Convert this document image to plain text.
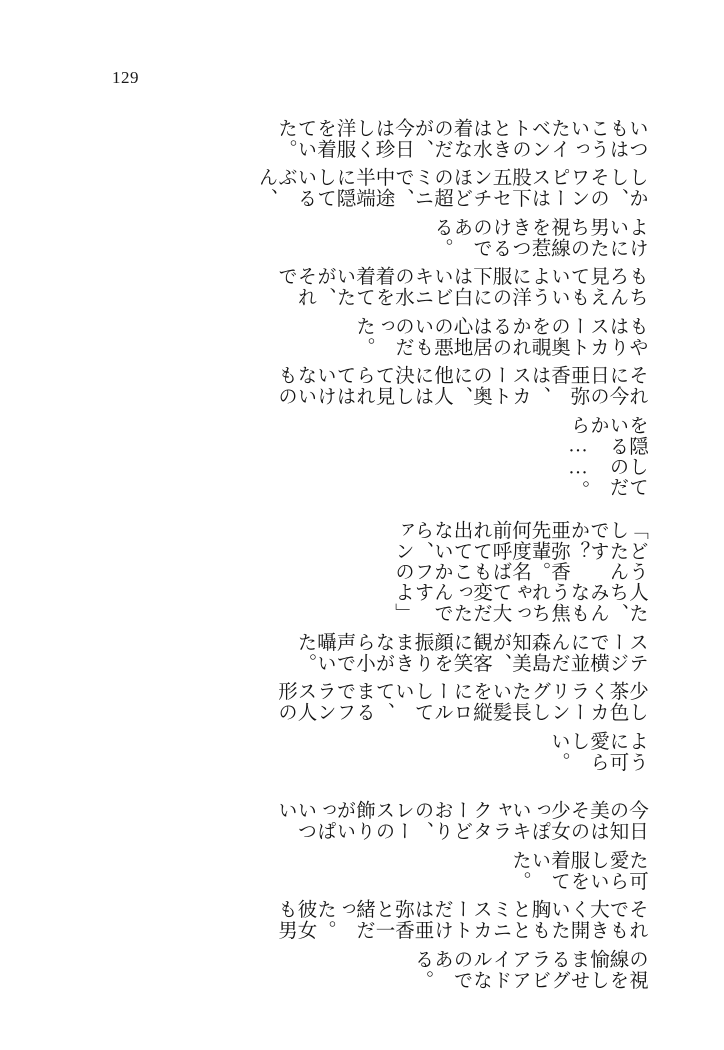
129
いつもはこういったイベントのときは水着なのだが、今日は珍しく洋服を着ていた。
しかし、そのワンピースは股下五センチほどの超ミニで、中途半端に隠しているぶん、
よけいに男たちの視線を惹きつけるのである。
もちろん見えてもいいように洋服の下には白いビキニの水着を着ていたが、それで
もやはりスカートの奥を覗かれるのは居心地の悪いものだった。
それに今日の亜弥香は、スカートの奥に、他人には決して見られてはいけないもの
を隠しているのだから……。
「どうしたんですか？　亜弥香先輩。何度名前呼ばれても出てこないから、ファンの
人たち、みんなもう焦れちゃって大変だったんですよ」
ステージで横に並んだ森島知美が、観客に笑顔を振りまきながら小声で囁いた。
少し茶色くカラーリングした長い髪を縦にロールしていて、まるでフランス人形の
ように可愛らしい。
今日の知美はその少女っぽいキャラクターどおりの、レースの飾りがいっぱいつい
た可愛らしい服を着ていた。
それでも大きく開いた胸もととミニスカートだけは亜弥香と一緒だった。彼女も男
の視線を愉しませるグラビアアイドルなのである。
